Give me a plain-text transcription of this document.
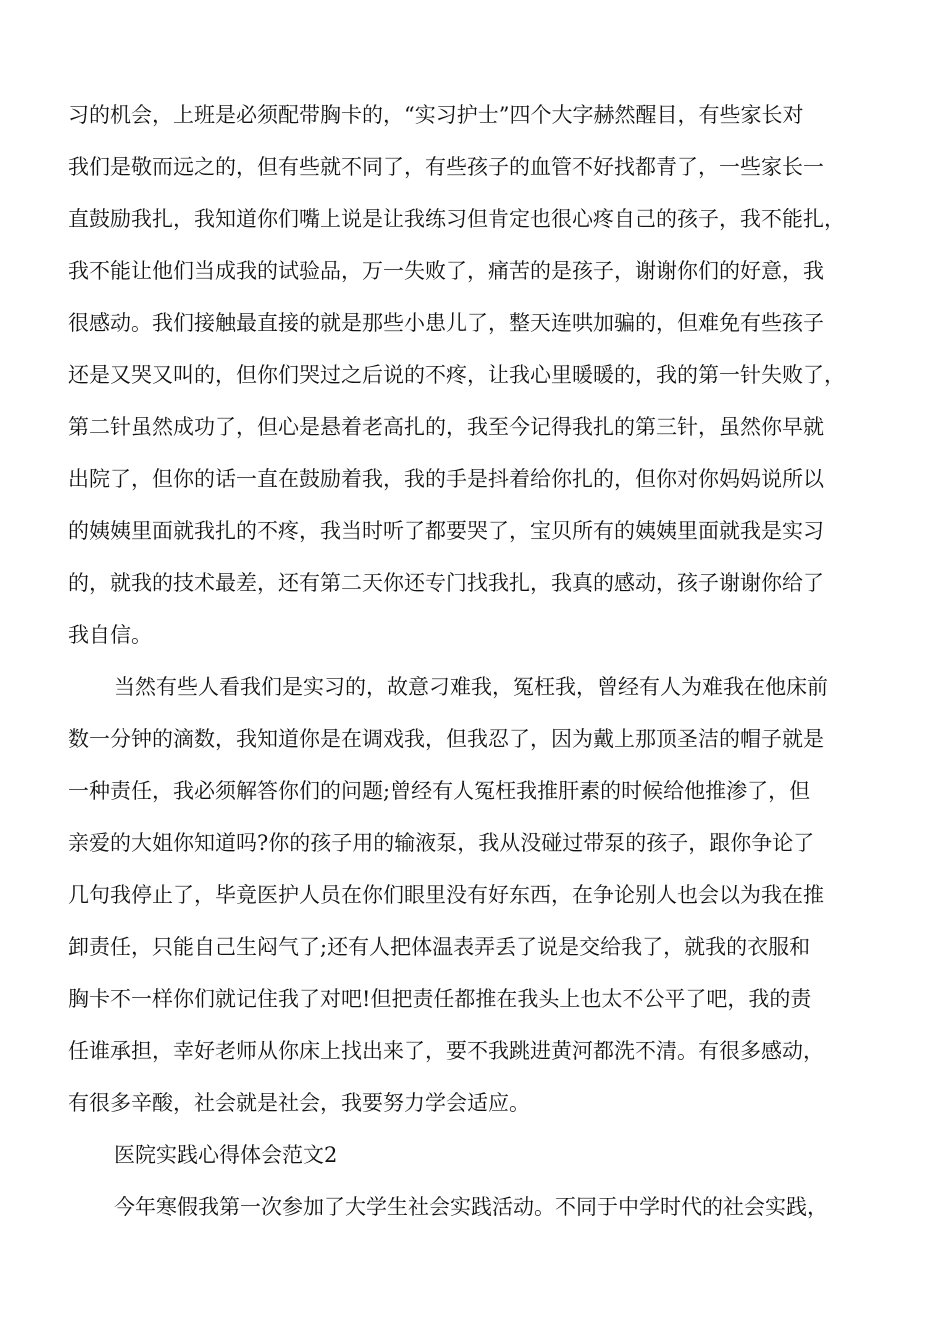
习的机会，上班是必须配带胸卡的，“实习护士”四个大字赫然醒目，有些家长对
我们是敬而远之的，但有些就不同了，有些孩子的血管不好找都青了，一些家长一
直鼓励我扎，我知道你们嘴上说是让我练习但肯定也很心疼自己的孩子，我不能扎，
我不能让他们当成我的试验品，万一失败了，痛苦的是孩子，谢谢你们的好意，我
很感动。我们接触最直接的就是那些小患儿了，整天连哄加骗的，但难免有些孩子
还是又哭又叫的，但你们哭过之后说的不疼，让我心里暖暖的，我的第一针失败了，
第二针虽然成功了，但心是悬着老高扎的，我至今记得我扎的第三针，虽然你早就
出院了，但你的话一直在鼓励着我，我的手是抖着给你扎的，但你对你妈妈说所以
的姨姨里面就我扎的不疼，我当时听了都要哭了，宝贝所有的姨姨里面就我是实习
的，就我的技术最差，还有第二天你还专门找我扎，我真的感动，孩子谢谢你给了
我自信。
当然有些人看我们是实习的，故意刁难我，冤枉我，曾经有人为难我在他床前
数一分钟的滴数，我知道你是在调戏我，但我忍了，因为戴上那顶圣洁的帽子就是
一种责任，我必须解答你们的问题;曾经有人冤枉我推肝素的时候给他推渗了，但
亲爱的大姐你知道吗?你的孩子用的输液泵，我从没碰过带泵的孩子，跟你争论了
几句我停止了，毕竟医护人员在你们眼里没有好东西，在争论别人也会以为我在推
卸责任，只能自己生闷气了;还有人把体温表弄丢了说是交给我了，就我的衣服和
胸卡不一样你们就记住我了对吧!但把责任都推在我头上也太不公平了吧，我的责
任谁承担，幸好老师从你床上找出来了，要不我跳进黄河都洗不清。有很多感动，
有很多辛酸，社会就是社会，我要努力学会适应。
医院实践心得体会范文2
今年寒假我第一次参加了大学生社会实践活动。不同于中学时代的社会实践，
